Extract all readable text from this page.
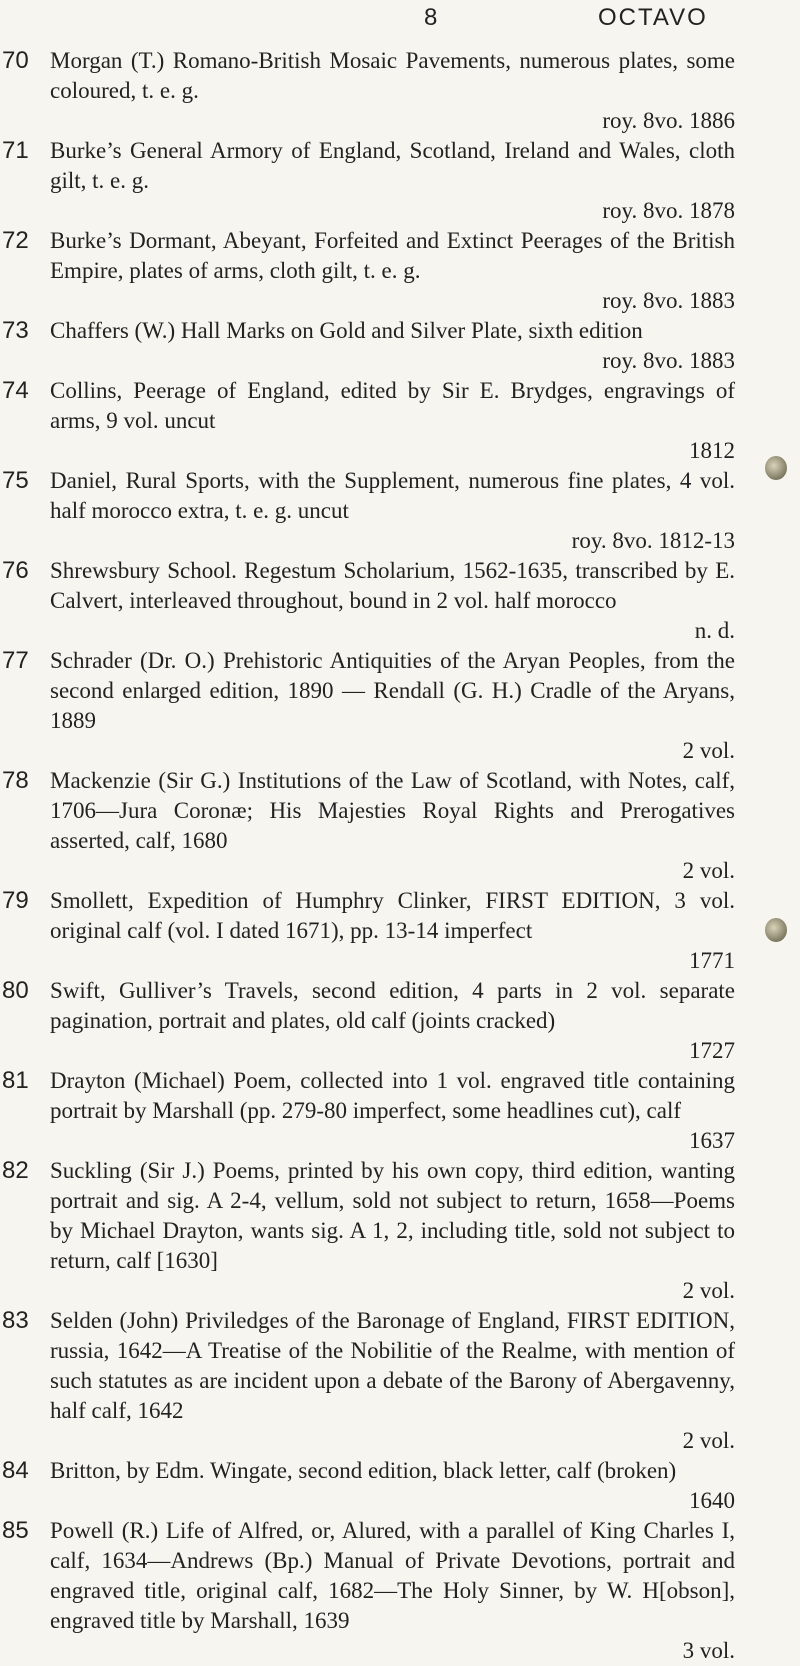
8	OCTAVO
70 Morgan (T.) Romano-British Mosaic Pavements, numerous plates, some coloured, t. e. g.
roy. 8vo. 1886
71 Burke’s General Armory of England, Scotland, Ireland and Wales, cloth gilt, t. e. g.
roy. 8vo. 1878
72 Burke’s Dormant, Abeyant, Forfeited and Extinct Peerages of the British Empire, plates of arms, cloth gilt, t. e. g.
roy. 8vo. 1883
73 Chaffers (W.) Hall Marks on Gold and Silver Plate, sixth edition
roy. 8vo. 1883
74 Collins, Peerage of England, edited by Sir E. Brydges, engravings of arms, 9 vol. uncut
1812
75 Daniel, Rural Sports, with the Supplement, numerous fine plates, 4 vol. half morocco extra, t. e. g. uncut
roy. 8vo. 1812-13
76 Shrewsbury School. Regestum Scholarium, 1562-1635, transcribed by E. Calvert, interleaved throughout, bound in 2 vol. half morocco
n. d.
77 Schrader (Dr. O.) Prehistoric Antiquities of the Aryan Peoples, from the second enlarged edition, 1890 — Rendall (G. H.) Cradle of the Aryans, 1889
2 vol.
78 Mackenzie (Sir G.) Institutions of the Law of Scotland, with Notes, calf, 1706—Jura Coronæ; His Majesties Royal Rights and Prerogatives asserted, calf, 1680
2 vol.
79 Smollett, Expedition of Humphry Clinker, FIRST EDITION, 3 vol. original calf (vol. I dated 1671), pp. 13-14 imperfect
1771
80 Swift, Gulliver’s Travels, second edition, 4 parts in 2 vol. separate pagination, portrait and plates, old calf (joints cracked)
1727
81 Drayton (Michael) Poem, collected into 1 vol. engraved title containing portrait by Marshall (pp. 279-80 imperfect, some headlines cut), calf
1637
82 Suckling (Sir J.) Poems, printed by his own copy, third edition, wanting portrait and sig. A 2-4, vellum, sold not subject to return, 1658—Poems by Michael Drayton, wants sig. A 1, 2, including title, sold not subject to return, calf [1630]
2 vol.
83 Selden (John) Priviledges of the Baronage of England, FIRST EDITION, russia, 1642—A Treatise of the Nobilitie of the Realme, with mention of such statutes as are incident upon a debate of the Barony of Abergavenny, half calf, 1642
2 vol.
84 Britton, by Edm. Wingate, second edition, black letter, calf (broken)
1640
85 Powell (R.) Life of Alfred, or, Alured, with a parallel of King Charles I, calf, 1634—Andrews (Bp.) Manual of Private Devotions, portrait and engraved title, original calf, 1682—The Holy Sinner, by W. H[obson], engraved title by Marshall, 1639
3 vol.
